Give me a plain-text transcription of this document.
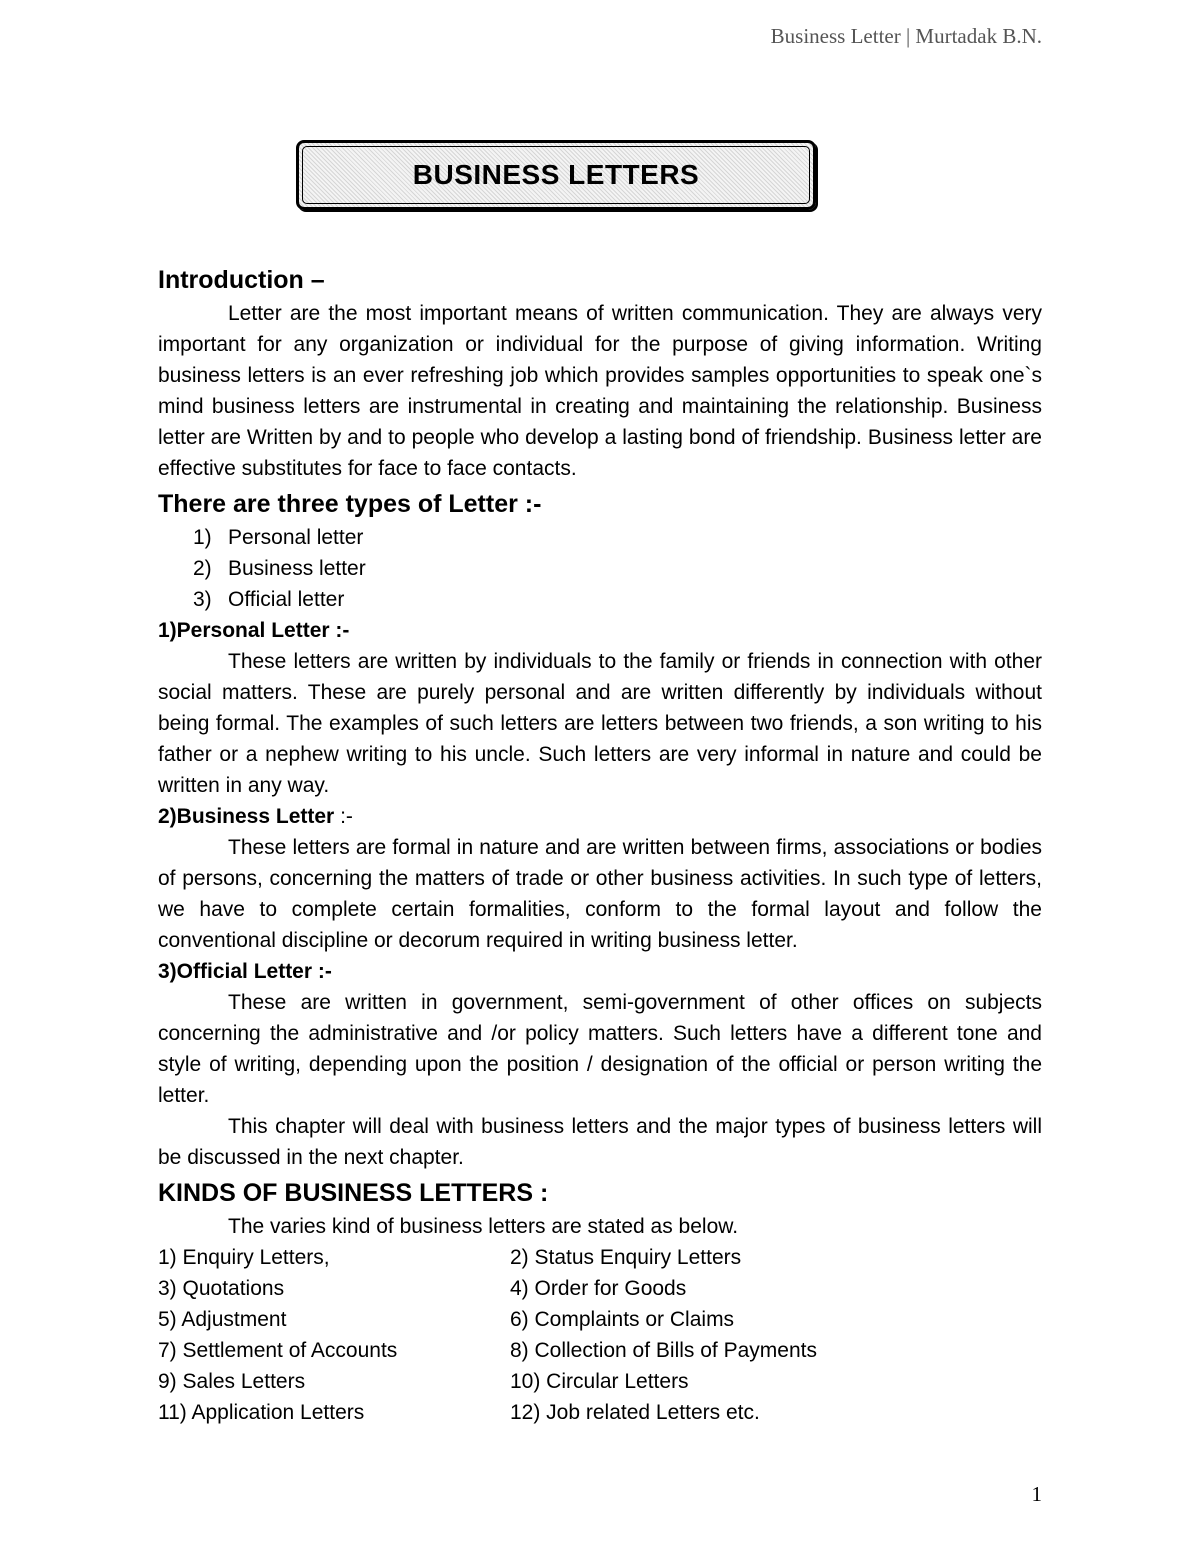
Business Letter | Murtadak B.N.
BUSINESS LETTERS
Introduction –

Letter are the most important means of written communication. They are always very important for any organization or individual for the purpose of giving information. Writing business letters is an ever refreshing job which provides samples opportunities to speak one`s mind business letters are instrumental in creating and maintaining the relationship. Business letter are Written by and to people who develop a lasting bond of friendship. Business letter are effective substitutes for face to face contacts.

There are three types of Letter :-
1) Personal letter
2) Business letter
3) Official letter
1)Personal Letter :-

These letters are written by individuals to the family or friends in connection with other social matters. These are purely personal and are written differently by individuals without being formal. The examples of such letters are letters between two friends, a son writing to his father or a nephew writing to his uncle. Such letters are very informal in nature and could be written in any way.

2)Business Letter :-

These letters are formal in nature and are written between firms, associations or bodies of persons, concerning the matters of trade or other business activities. In such type of letters, we have to complete certain formalities, conform to the formal layout and follow the conventional discipline or decorum required in writing business letter.

3)Official Letter :-

These are written in government, semi-government of other offices on subjects concerning the administrative and /or policy matters. Such letters have a different tone and style of writing, depending upon the position / designation of the official or person writing the letter.

This chapter will deal with business letters and the major types of business letters will be discussed in the next chapter.

KINDS OF BUSINESS LETTERS :

The varies kind of business letters are stated as below.

1) Enquiry Letters,	2) Status Enquiry Letters
3) Quotations	4) Order for Goods
5) Adjustment	6) Complaints or Claims
7) Settlement of Accounts	8) Collection of Bills of Payments
9) Sales Letters	10) Circular Letters
11) Application Letters	12) Job related Letters etc.
1
